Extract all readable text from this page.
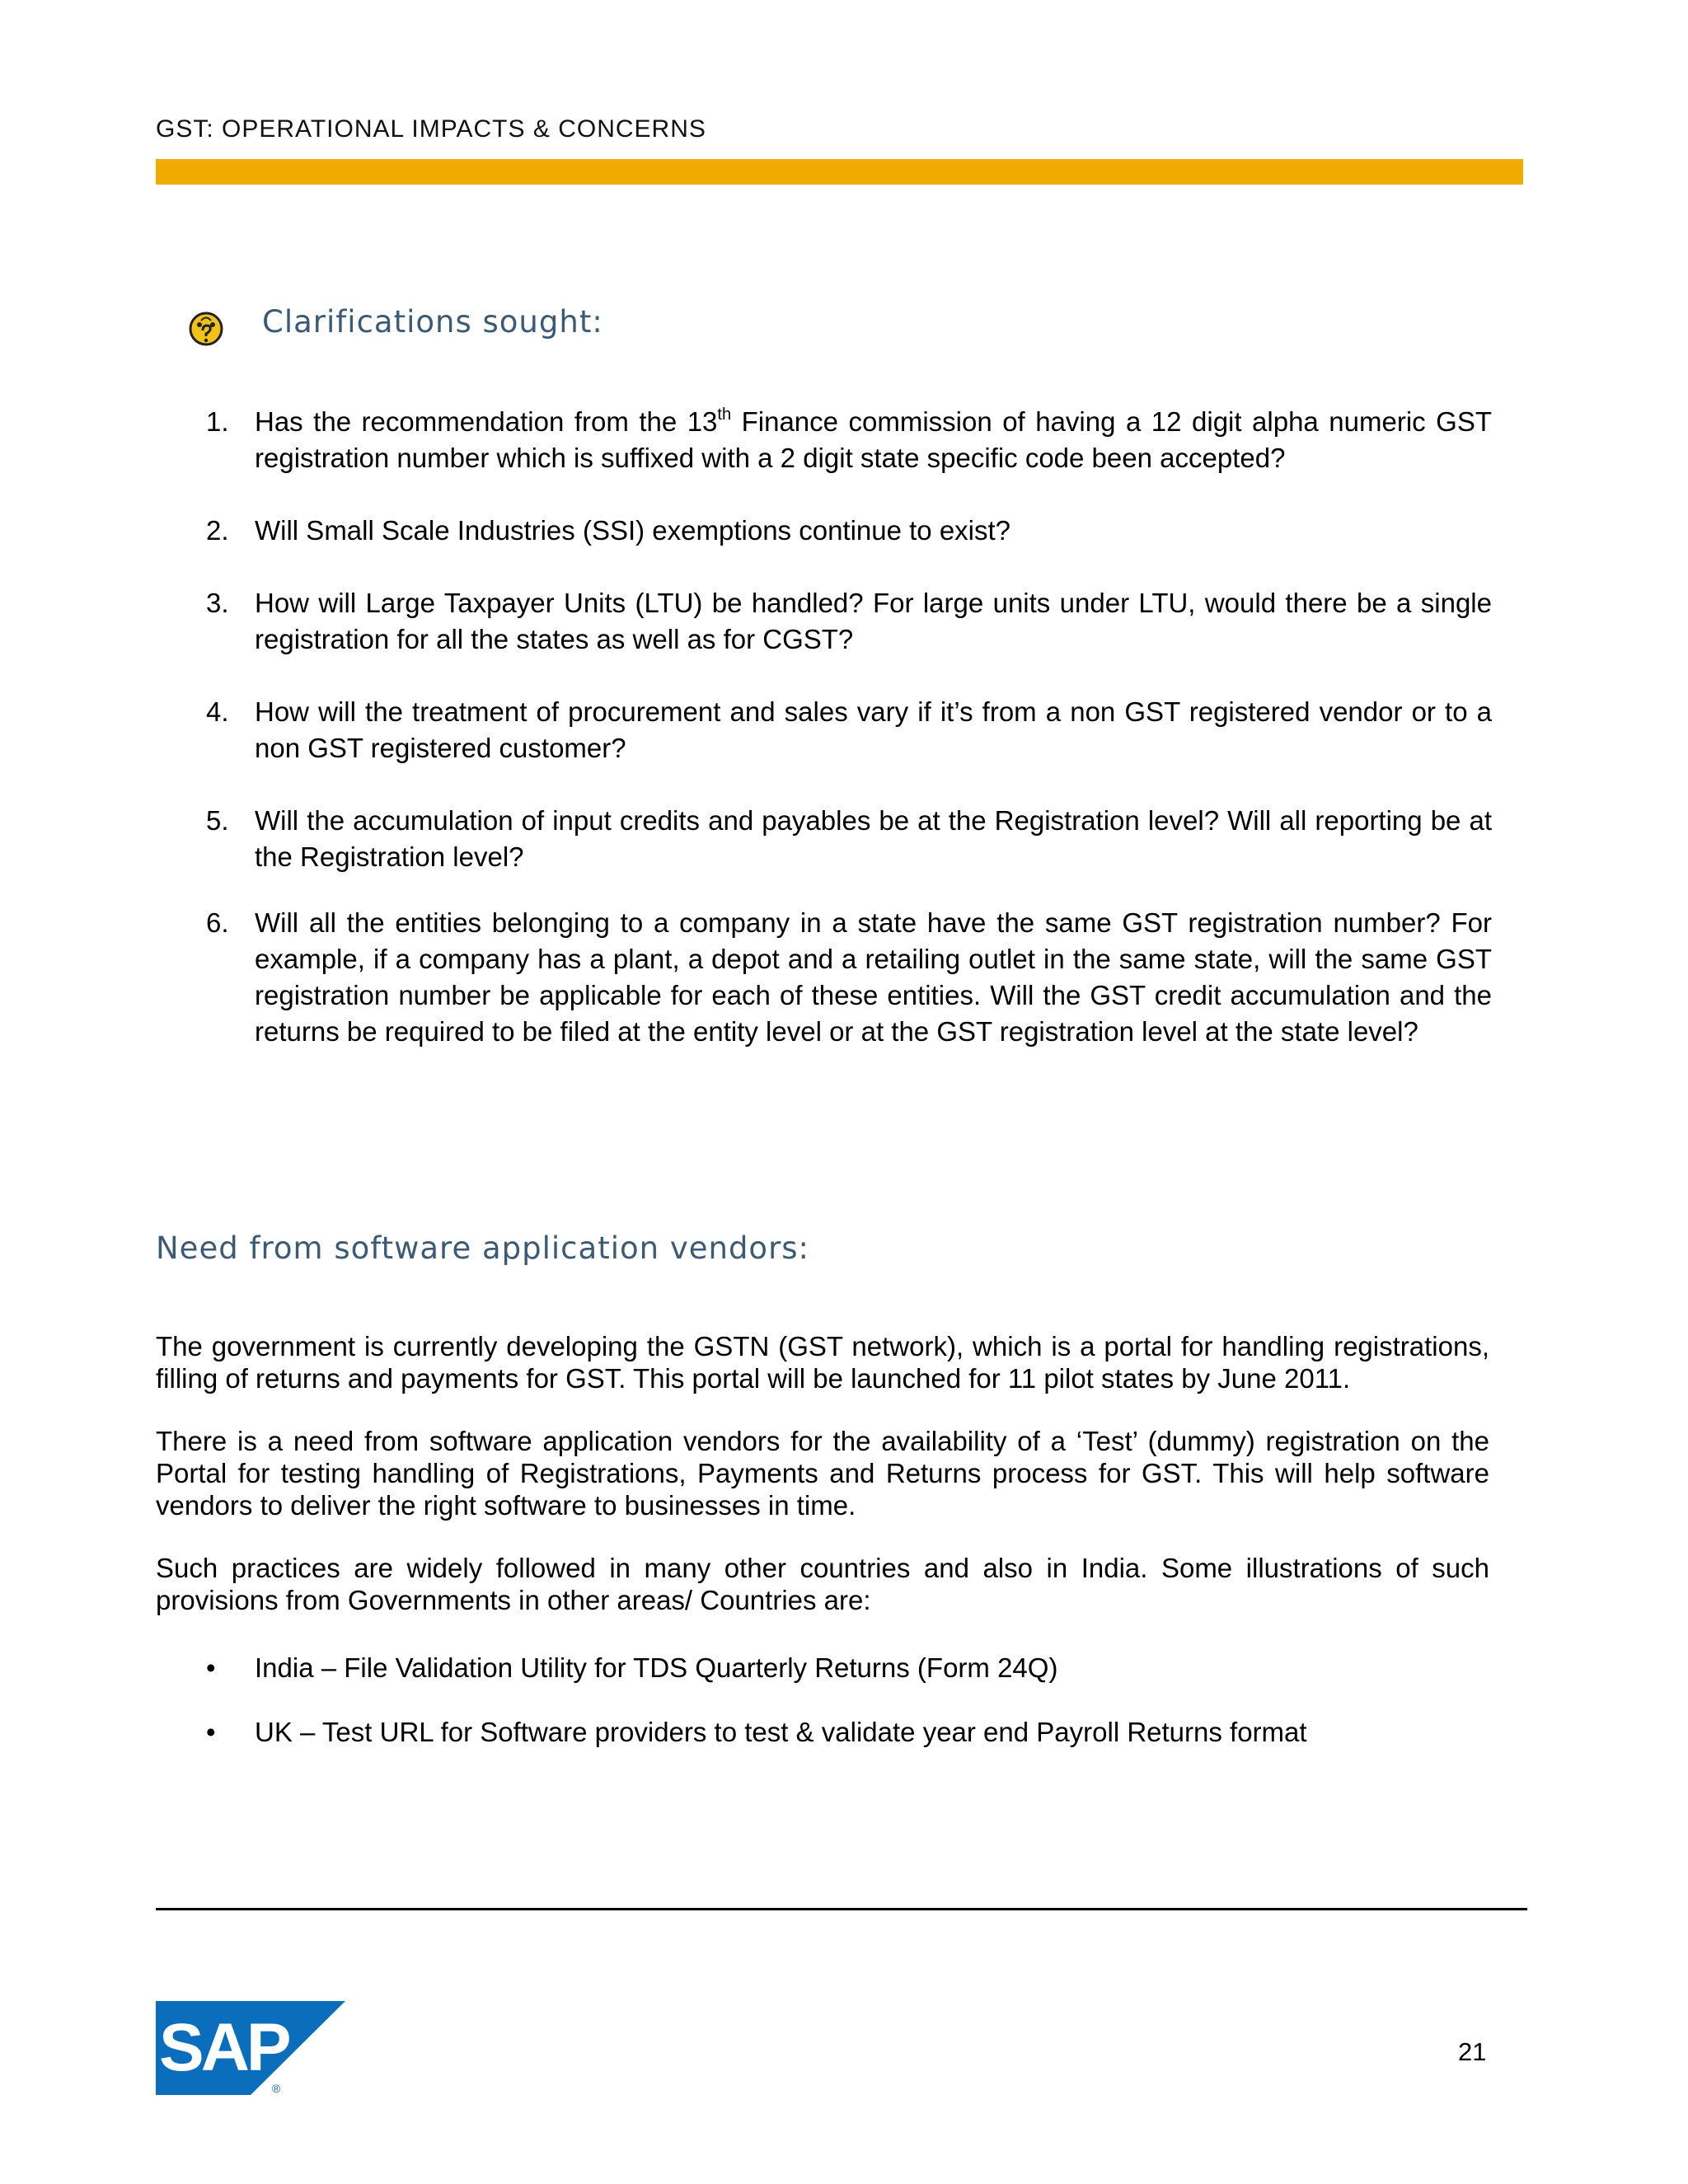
GST: OPERATIONAL IMPACTS & CONCERNS
Clarifications sought:
1. Has the recommendation from the 13th Finance commission of having a 12 digit alpha numeric GST registration number which is suffixed with a 2 digit state specific code been accepted?
2. Will Small Scale Industries (SSI) exemptions continue to exist?
3. How will Large Taxpayer Units (LTU) be handled? For large units under LTU, would there be a single registration for all the states as well as for CGST?
4. How will the treatment of procurement and sales vary if it’s from a non GST registered vendor or to a non GST registered customer?
5. Will the accumulation of input credits and payables be at the Registration level? Will all reporting be at the Registration level?
6. Will all the entities belonging to a company in a state have the same GST registration number? For example, if a company has a plant, a depot and a retailing outlet in the same state, will the same GST registration number be applicable for each of these entities. Will the GST credit accumulation and the returns be required to be filed at the entity level or at the GST registration level at the state level?
Need from software application vendors:

The government is currently developing the GSTN (GST network), which is a portal for handling registrations, filling of returns and payments for GST. This portal will be launched for 11 pilot states by June 2011.

There is a need from software application vendors for the availability of a ‘Test’ (dummy) registration on the Portal for testing handling of Registrations, Payments and Returns process for GST. This will help software vendors to deliver the right software to businesses in time.

Such practices are widely followed in many other countries and also in India. Some illustrations of such provisions from Governments in other areas/ Countries are:

• India – File Validation Utility for TDS Quarterly Returns (Form 24Q)
• UK – Test URL for Software providers to test & validate year end Payroll Returns format
SAP
®
21
